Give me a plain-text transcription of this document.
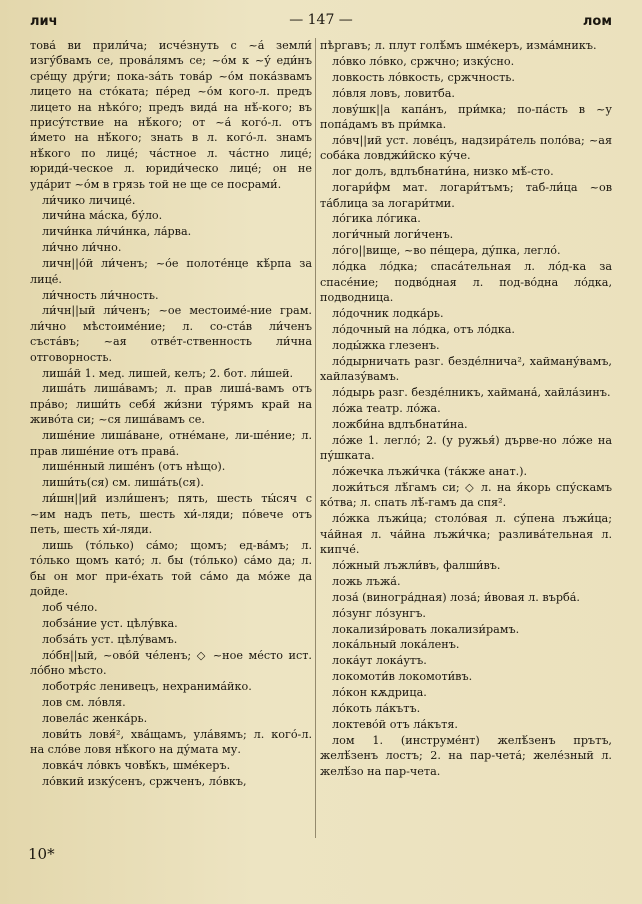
лич	— 147 —	лом

това́ ви прили́ча; исче́знуть с ~а́ земли́ изгу́бвамъ се, прова́лямъ се; ~о́м к ~у́ еди́нъ сре́щу дру́ги; пока-за́ть това́р ~о́м пока́звамъ лицето на сто́ката; пе́ред ~о́м кого-л. предъ лицето на нѣко́го; предъ вида́ на нѣ́-кого; въ прису́тствие на нѣ́кого; от ~а́ кого́-л. отъ и́мето на нѣ́кого; знать в л. кого́-л. знамъ нѣ́кого по лице́; ча́стное л. ча́стно лице́; юриди́-ческое л. юриди́ческо лице́; он не уда́рит ~о́м в грязь той не ще се посрами́.

ли́чико личице́.

личи́на ма́ска, бу́ло.

личи́нка ли́чи́нка, ла́рва.

ли́чно ли́чно.

личн||о́й ли́ченъ; ~о́е полоте́нце кѣ́рпа за лице́.

ли́чность ли́чность.

ли́чн||ый ли́ченъ; ~ое местоиме́-ние грам. ли́чно мѣстоиме́ние; л. со-ста́в ли́ченъ съста́въ; ~ая отве́т-ственность ли́чна отговорность.

лиша́й 1. мед. лишей, келъ; 2. бот. ли́шей.

лиша́ть лиша́вамъ; л. прав лиша́-вамъ отъ пра́во; лиши́ть себя́ жи́зни ту́рямъ край на живо́та си; ~ся лиша́вамъ се.

лише́ние лиша́ване, отне́мане, ли-ше́ние; л. прав лише́ние отъ права́.

лише́нный лише́нъ (отъ нѣщо).

лиши́ть(ся) см. лиша́ть(ся).

ли́шн||ий изли́шенъ; пять, шесть ты́сяч с ~им надъ петь, шесть хи́-ляди; по́вече отъ петь, шесть хи́-ляди.

лишь (то́лько) са́мо; щомъ; ед-ва́мъ; л. то́лько щомъ като́; л. бы (то́лько) са́мо да; л. бы он мог при-е́хать той са́мо да мо́же да дойде.

лоб че́ло.

лобза́ние уст. цѣлу́вка.

лобза́ть уст. цѣлу́вамъ.

ло́бн||ый, ~ово́й че́ленъ; ◇ ~ное ме́сто ист. ло́бно мѣсто.

лоботря́с ленивецъ, нехранима́йко.

лов см. ло́вля.

ловела́с женка́рь.

лови́ть ловя́², хва́щамъ, ула́вямъ; л. кого́-л. на сло́ве ловя нѣ́кого на ду́мата му.

ловка́ч ло́вкъ човѣ́къ, шме́керъ.

ло́вкий изку́сенъ, сржченъ, ло́вкъ,

пѣргавъ; л. плут голѣ́мъ шме́керъ, изма́мникъ.

ло́вко ло́вко, сржчно; изку́сно.

ловкость ло́вкость, сржчность.

ло́вля ловъ, ловитба.

лову́шк||а капа́нъ, при́мка; по-па́сть в ~у попа́дамъ въ при́мка.

ло́вч||ий уст. лове́цъ, надзира́тель поло́ва; ~ая соба́ка ловджи́йско ку́че.

лог долъ, вдлъбнати́на, низко мѣ́-сто.

логари́фм мат. логари́тъмъ; таб-ли́ца ~ов та́блица за логари́тми.

ло́гика ло́гика.

логи́чный логи́ченъ.

ло́го||вище, ~во пе́щера, ду́пка, легло́.

ло́дка ло́дка; спаса́тельная л. ло́д-ка за спасе́ние; подво́дная л. под-во́дна ло́дка, подводница.

ло́дочник лодка́рь.

ло́дочный на ло́дка, отъ ло́дка.

лоды́жка глезенъ.

ло́дырничать разг. безде́лнича², хайману́вамъ, хайлазу́вамъ.

ло́дырь разг. безде́лникъ, хаймана́, хайла́зинъ.

ло́жа театр. ло́жа.

ложби́на вдлъбнати́на.

ло́же 1. легло́; 2. (у ружья́) дърве-но ло́же на пу́шката.

ло́жечка лъжи́чка (та́кже анат.).

ложи́ться лѣ́гамъ си; ◇ л. на я́корь спу́скамъ ко́тва; л. спать лѣ́-гамъ да спя².

ло́жка лъжи́ца; столо́вая л. су́пена лъжи́ца; ча́йная л. ча́йна лъжи́чка; разлива́тельная л. кипче́.

ло́жный лъжли́въ, фалши́въ.

ложь лъжа́.

лоза́ (виногра́дная) лоза́; и́вовая л. върба́.

ло́зунг ло́зунгъ.

локализи́ровать локализи́рамъ.

лока́льный лока́ленъ.

лока́ут лока́утъ.

локомоти́в локомоти́въ.

ло́кон кѫдрица.

ло́коть ла́кътъ.

локтево́й отъ ла́кътя.

лом 1. (инструме́нт) желѣ́зенъ прътъ, желѣ́зенъ лостъ; 2. на пар-чета́; желе́зный л. желѣ́зо на пар-чета.

10*
